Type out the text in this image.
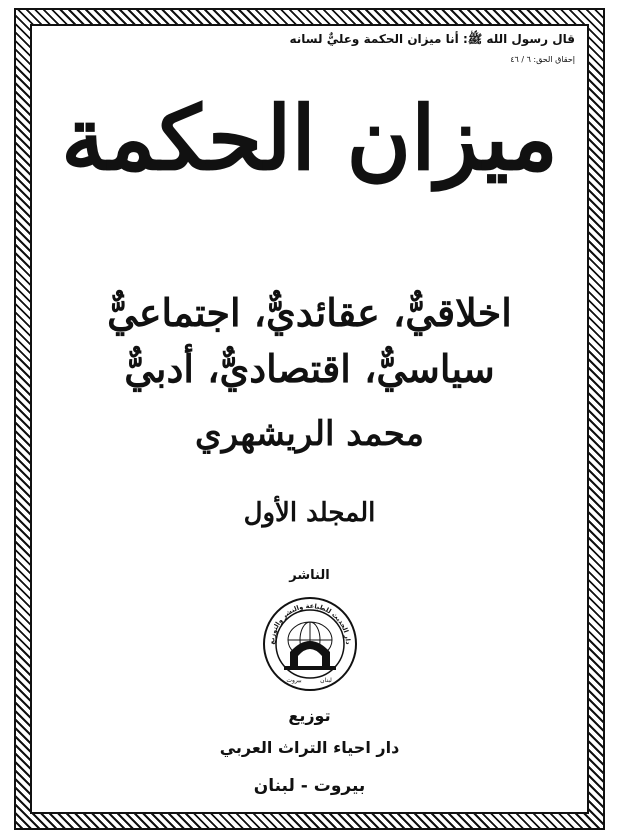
قال رسول الله ﷺ: أنا ميزان الحكمة وعليٌّ لسانه
إحقاق الحق: ٦ / ٤٦
ميزان الحكمة
اخلاقيٌّ، عقائديٌّ، اجتماعيٌّ
سياسيٌّ، اقتصاديٌّ، أدبيٌّ
محمد الريشهري
المجلد الأول
الناشر
دار الحديث للطباعة والنشر والتوزيع
بيروت	لبنان
توزيع
دار احياء التراث العربي
بيروت - لبنان
